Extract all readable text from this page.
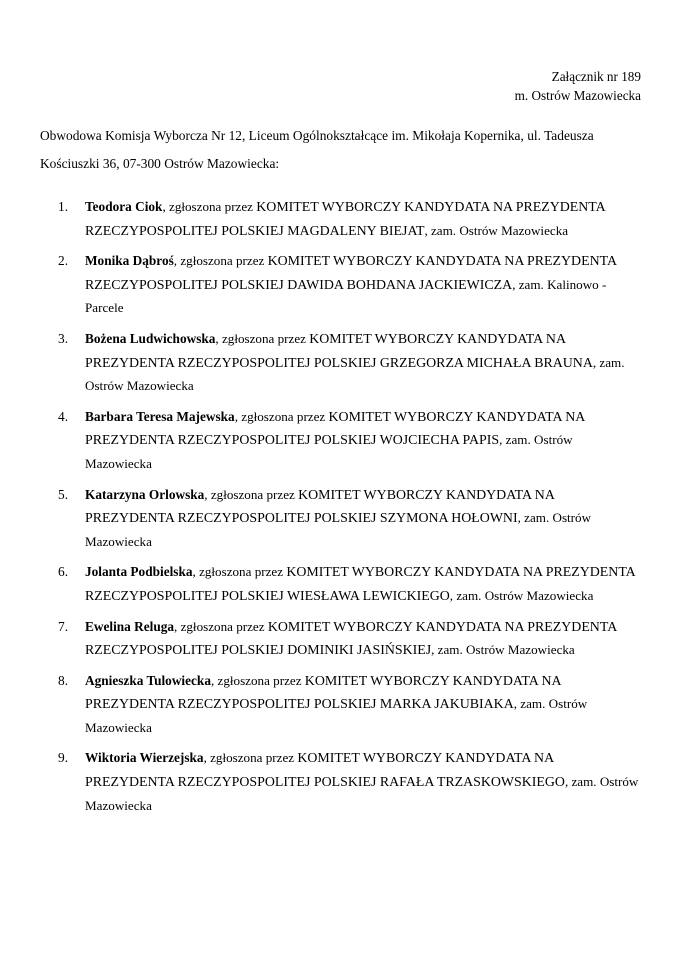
Załącznik nr 189
m. Ostrów Mazowiecka
Obwodowa Komisja Wyborcza Nr 12, Liceum Ogólnokształcące im. Mikołaja Kopernika, ul. Tadeusza Kościuszki 36, 07-300 Ostrów Mazowiecka:
1.	Teodora Ciok, zgłoszona przez KOMITET WYBORCZY KANDYDATA NA PREZYDENTA RZECZYPOSPOLITEJ POLSKIEJ MAGDALENY BIEJAT, zam. Ostrów Mazowiecka
2.	Monika Dąbroś, zgłoszona przez KOMITET WYBORCZY KANDYDATA NA PREZYDENTA RZECZYPOSPOLITEJ POLSKIEJ DAWIDA BOHDANA JACKIEWICZA, zam. Kalinowo - Parcele
3.	Bożena Ludwichowska, zgłoszona przez KOMITET WYBORCZY KANDYDATA NA PREZYDENTA RZECZYPOSPOLITEJ POLSKIEJ GRZEGORZA MICHAŁA BRAUNA, zam. Ostrów Mazowiecka
4.	Barbara Teresa Majewska, zgłoszona przez KOMITET WYBORCZY KANDYDATA NA PREZYDENTA RZECZYPOSPOLITEJ POLSKIEJ WOJCIECHA PAPIS, zam. Ostrów Mazowiecka
5.	Katarzyna Orlowska, zgłoszona przez KOMITET WYBORCZY KANDYDATA NA PREZYDENTA RZECZYPOSPOLITEJ POLSKIEJ SZYMONA HOŁOWNI, zam. Ostrów Mazowiecka
6.	Jolanta Podbielska, zgłoszona przez KOMITET WYBORCZY KANDYDATA NA PREZYDENTA RZECZYPOSPOLITEJ POLSKIEJ WIESŁAWA LEWICKIEGO, zam. Ostrów Mazowiecka
7.	Ewelina Reluga, zgłoszona przez KOMITET WYBORCZY KANDYDATA NA PREZYDENTA RZECZYPOSPOLITEJ POLSKIEJ DOMINIKI JASIŃSKIEJ, zam. Ostrów Mazowiecka
8.	Agnieszka Tulowiecka, zgłoszona przez KOMITET WYBORCZY KANDYDATA NA PREZYDENTA RZECZYPOSPOLITEJ POLSKIEJ MARKA JAKUBIAKA, zam. Ostrów Mazowiecka
9.	Wiktoria Wierzejska, zgłoszona przez KOMITET WYBORCZY KANDYDATA NA PREZYDENTA RZECZYPOSPOLITEJ POLSKIEJ RAFAŁA TRZASKOWSKIEGO, zam. Ostrów Mazowiecka
